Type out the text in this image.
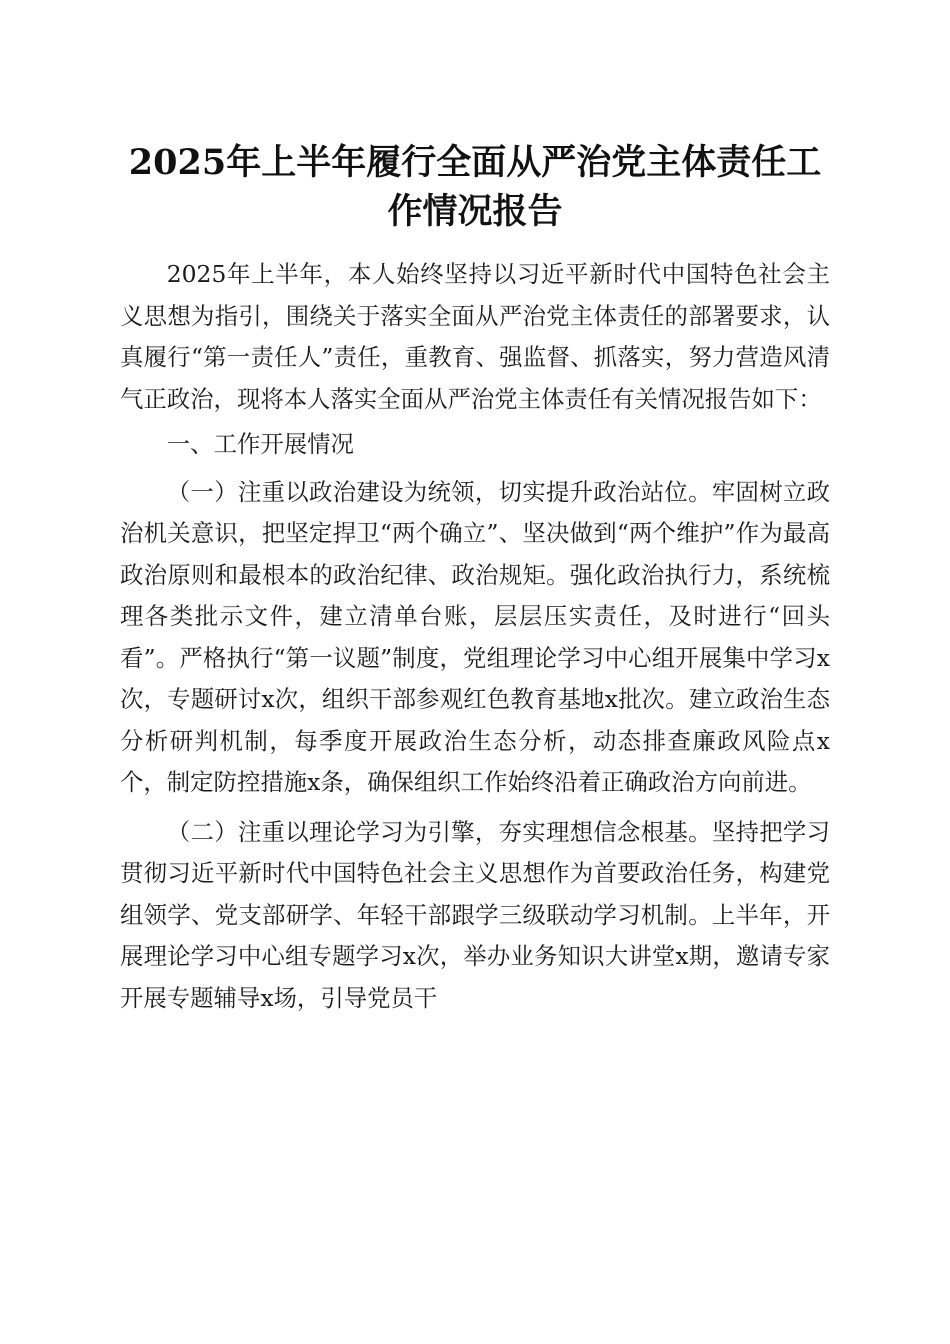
2025年上半年履行全面从严治党主体责任工作情况报告

2025年上半年，本人始终坚持以习近平新时代中国特色社会主义思想为指引，围绕关于落实全面从严治党主体责任的部署要求，认真履行“第一责任人”责任，重教育、强监督、抓落实，努力营造风清气正政治，现将本人落实全面从严治党主体责任有关情况报告如下：

一、工作开展情况

（一）注重以政治建设为统领，切实提升政治站位。牢固树立政治机关意识，把坚定捍卫“两个确立”、坚决做到“两个维护”作为最高政治原则和最根本的政治纪律、政治规矩。强化政治执行力，系统梳理各类批示文件，建立清单台账，层层压实责任，及时进行“回头看”。严格执行“第一议题”制度，党组理论学习中心组开展集中学习x次，专题研讨x次，组织干部参观红色教育基地x批次。建立政治生态分析研判机制，每季度开展政治生态分析，动态排查廉政风险点x个，制定防控措施x条，确保组织工作始终沿着正确政治方向前进。

（二）注重以理论学习为引擎，夯实理想信念根基。坚持把学习贯彻习近平新时代中国特色社会主义思想作为首要政治任务，构建党组领学、党支部研学、年轻干部跟学三级联动学习机制。上半年，开展理论学习中心组专题学习x次，举办业务知识大讲堂x期，邀请专家开展专题辅导x场，引导党员干
